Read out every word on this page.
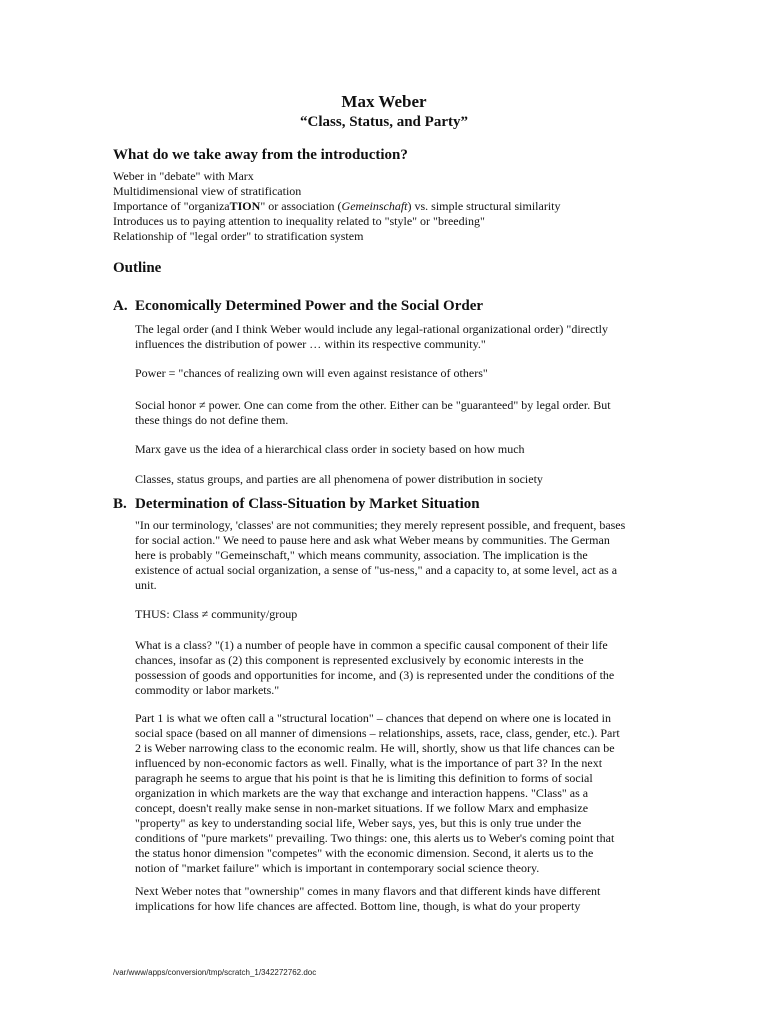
Max Weber
“Class, Status, and Party”
What do we take away from the introduction?
Weber in "debate" with Marx
Multidimensional view of stratification
Importance of "organizaTION" or association (Gemeinschaft) vs. simple structural similarity
Introduces us to paying attention to inequality related to "style" or "breeding"
Relationship of "legal order" to stratification system
Outline
A. Economically Determined Power and the Social Order
The legal order (and I think Weber would include any legal-rational organizational order) "directly
influences the distribution of power … within its respective community."
Power = "chances of realizing own will even against resistance of others"
Social honor ≠ power. One can come from the other. Either can be "guaranteed" by legal order. But
these things do not define them.
Marx gave us the idea of a hierarchical class order in society based on how much
Classes, status groups, and parties are all phenomena of power distribution in society
B. Determination of Class-Situation by Market Situation
"In our terminology, 'classes' are not communities; they merely represent possible, and frequent, bases
for social action." We need to pause here and ask what Weber means by communities. The German
here is probably "Gemeinschaft," which means community, association. The implication is the
existence of actual social organization, a sense of "us-ness," and a capacity to, at some level, act as a
unit.
THUS: Class ≠ community/group
What is a class? "(1) a number of people have in common a specific causal component of their life
chances, insofar as (2) this component is represented exclusively by economic interests in the
possession of goods and opportunities for income, and (3) is represented under the conditions of the
commodity or labor markets."
Part 1 is what we often call a "structural location" – chances that depend on where one is located in
social space (based on all manner of dimensions – relationships, assets, race, class, gender, etc.). Part
2 is Weber narrowing class to the economic realm. He will, shortly, show us that life chances can be
influenced by non-economic factors as well. Finally, what is the importance of part 3? In the next
paragraph he seems to argue that his point is that he is limiting this definition to forms of social
organization in which markets are the way that exchange and interaction happens. "Class" as a
concept, doesn't really make sense in non-market situations. If we follow Marx and emphasize
"property" as key to understanding social life, Weber says, yes, but this is only true under the
conditions of "pure markets" prevailing. Two things: one, this alerts us to Weber's coming point that
the status honor dimension "competes" with the economic dimension. Second, it alerts us to the
notion of "market failure" which is important in contemporary social science theory.
Next Weber notes that "ownership" comes in many flavors and that different kinds have different
implications for how life chances are affected. Bottom line, though, is what do your property
/var/www/apps/conversion/tmp/scratch_1/342272762.doc
